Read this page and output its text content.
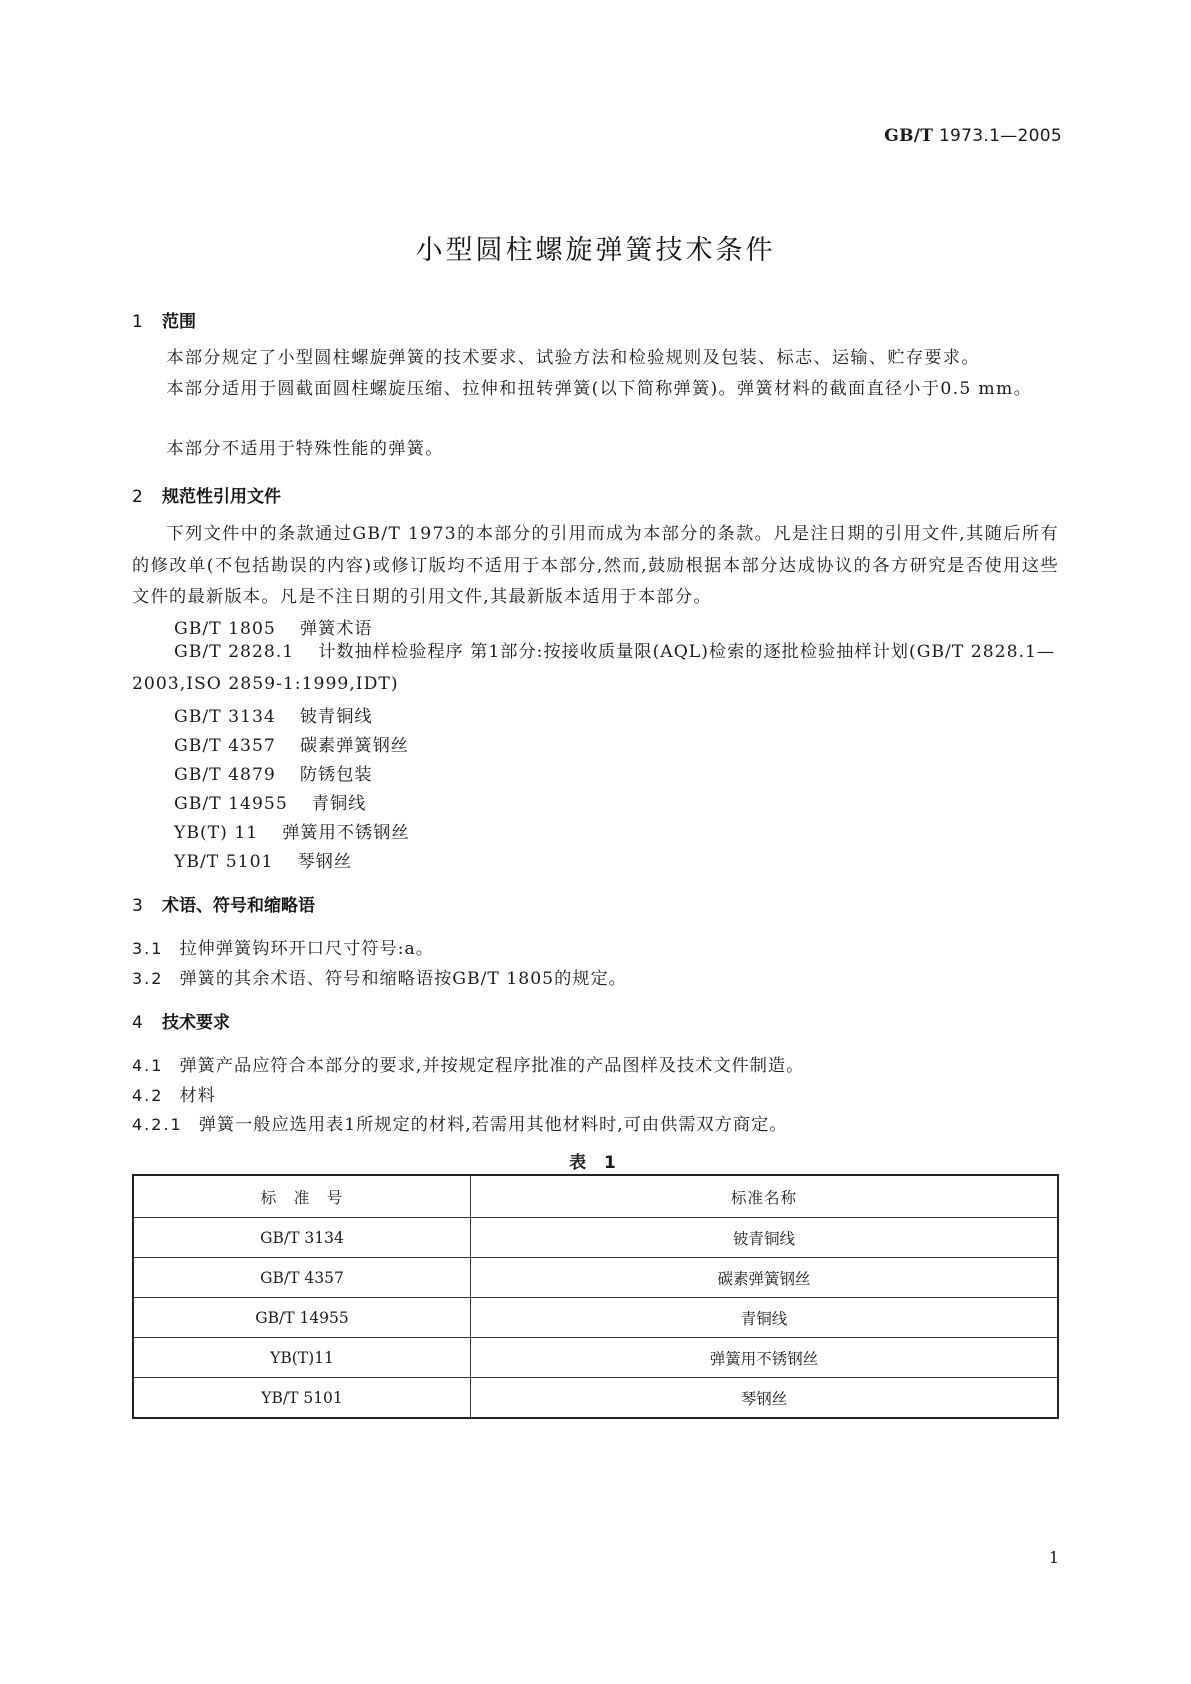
GB/T 1973.1—2005
小型圆柱螺旋弹簧技术条件
1 范围
本部分规定了小型圆柱螺旋弹簧的技术要求、试验方法和检验规则及包装、标志、运输、贮存要求。
本部分适用于圆截面圆柱螺旋压缩、拉伸和扭转弹簧(以下简称弹簧)。弹簧材料的截面直径小于0.5 mm。
本部分不适用于特殊性能的弹簧。
2 规范性引用文件
下列文件中的条款通过GB/T 1973的本部分的引用而成为本部分的条款。凡是注日期的引用文件,其随后所有的修改单(不包括勘误的内容)或修订版均不适用于本部分,然而,鼓励根据本部分达成协议的各方研究是否使用这些文件的最新版本。凡是不注日期的引用文件,其最新版本适用于本部分。
GB/T 1805 弹簧术语
GB/T 2828.1 计数抽样检验程序 第1部分:按接收质量限(AQL)检索的逐批检验抽样计划(GB/T 2828.1—2003,ISO 2859-1:1999,IDT)
GB/T 3134 铍青铜线
GB/T 4357 碳素弹簧钢丝
GB/T 4879 防锈包装
GB/T 14955 青铜线
YB(T) 11 弹簧用不锈钢丝
YB/T 5101 琴钢丝
3 术语、符号和缩略语
3.1 拉伸弹簧钩环开口尺寸符号:a。
3.2 弹簧的其余术语、符号和缩略语按GB/T 1805的规定。
4 技术要求
4.1 弹簧产品应符合本部分的要求,并按规定程序批准的产品图样及技术文件制造。
4.2 材料
4.2.1 弹簧一般应选用表1所规定的材料,若需用其他材料时,可由供需双方商定。
表 1
标　准　号	标准名称
GB/T 3134	铍青铜线
GB/T 4357	碳素弹簧钢丝
GB/T 14955	青铜线
YB(T)11	弹簧用不锈钢丝
YB/T 5101	琴钢丝
1
